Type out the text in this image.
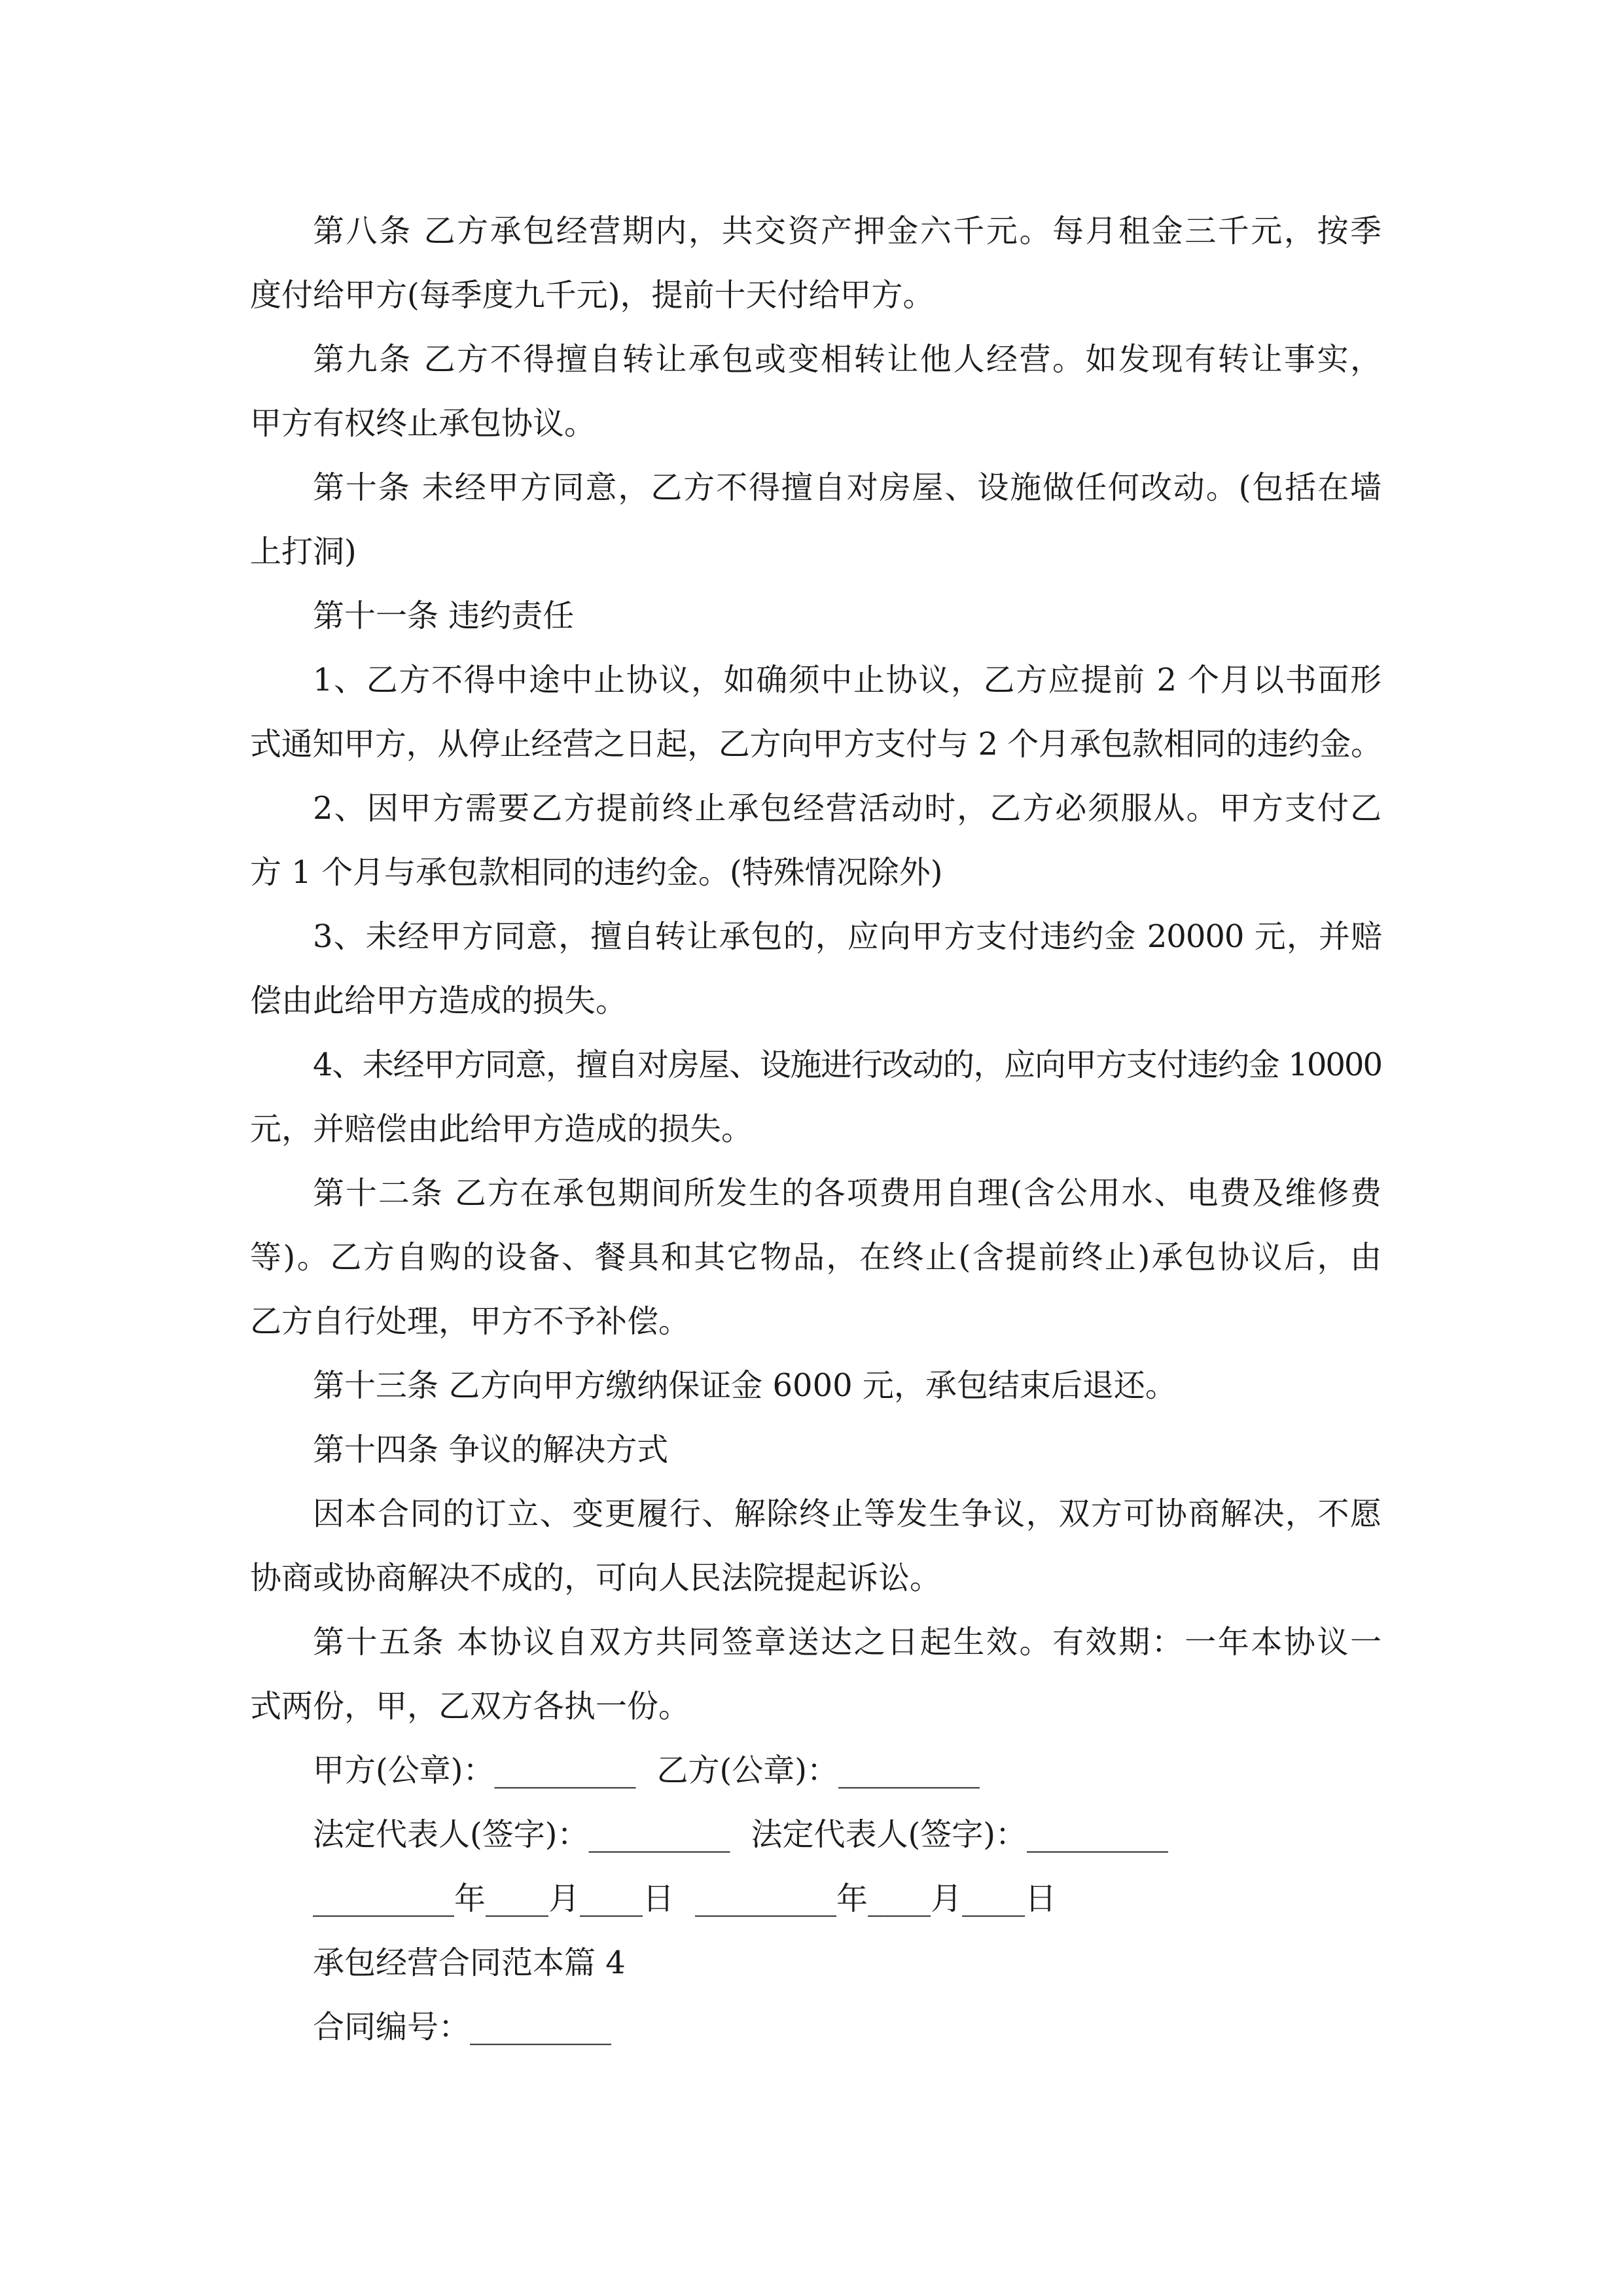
第八条 乙方承包经营期内，共交资产押金六千元。每月租金三千元，按季
度付给甲方(每季度九千元)，提前十天付给甲方。
第九条 乙方不得擅自转让承包或变相转让他人经营。如发现有转让事实，
甲方有权终止承包协议。
第十条 未经甲方同意，乙方不得擅自对房屋、设施做任何改动。(包括在墙
上打洞)
第十一条 违约责任
1、乙方不得中途中止协议，如确须中止协议，乙方应提前 2 个月以书面形
式通知甲方，从停止经营之日起，乙方向甲方支付与 2 个月承包款相同的违约金。
2、因甲方需要乙方提前终止承包经营活动时，乙方必须服从。甲方支付乙
方 1 个月与承包款相同的违约金。(特殊情况除外)
3、未经甲方同意，擅自转让承包的，应向甲方支付违约金 20000 元，并赔
偿由此给甲方造成的损失。
4、未经甲方同意，擅自对房屋、设施进行改动的，应向甲方支付违约金 10000
元，并赔偿由此给甲方造成的损失。
第十二条 乙方在承包期间所发生的各项费用自理(含公用水、电费及维修费
等)。乙方自购的设备、餐具和其它物品，在终止(含提前终止)承包协议后，由
乙方自行处理，甲方不予补偿。
第十三条 乙方向甲方缴纳保证金 6000 元，承包结束后退还。
第十四条 争议的解决方式
因本合同的订立、变更履行、解除终止等发生争议，双方可协商解决，不愿
协商或协商解决不成的，可向人民法院提起诉讼。
第十五条 本协议自双方共同签章送达之日起生效。有效期：一年本协议一
式两份，甲，乙双方各执一份。
甲方(公章)：_________ 乙方(公章)：_________
法定代表人(签字)：_________ 法定代表人(签字)：_________
_________年____月____日 _________年____月____日
承包经营合同范本篇 4
合同编号：_________
